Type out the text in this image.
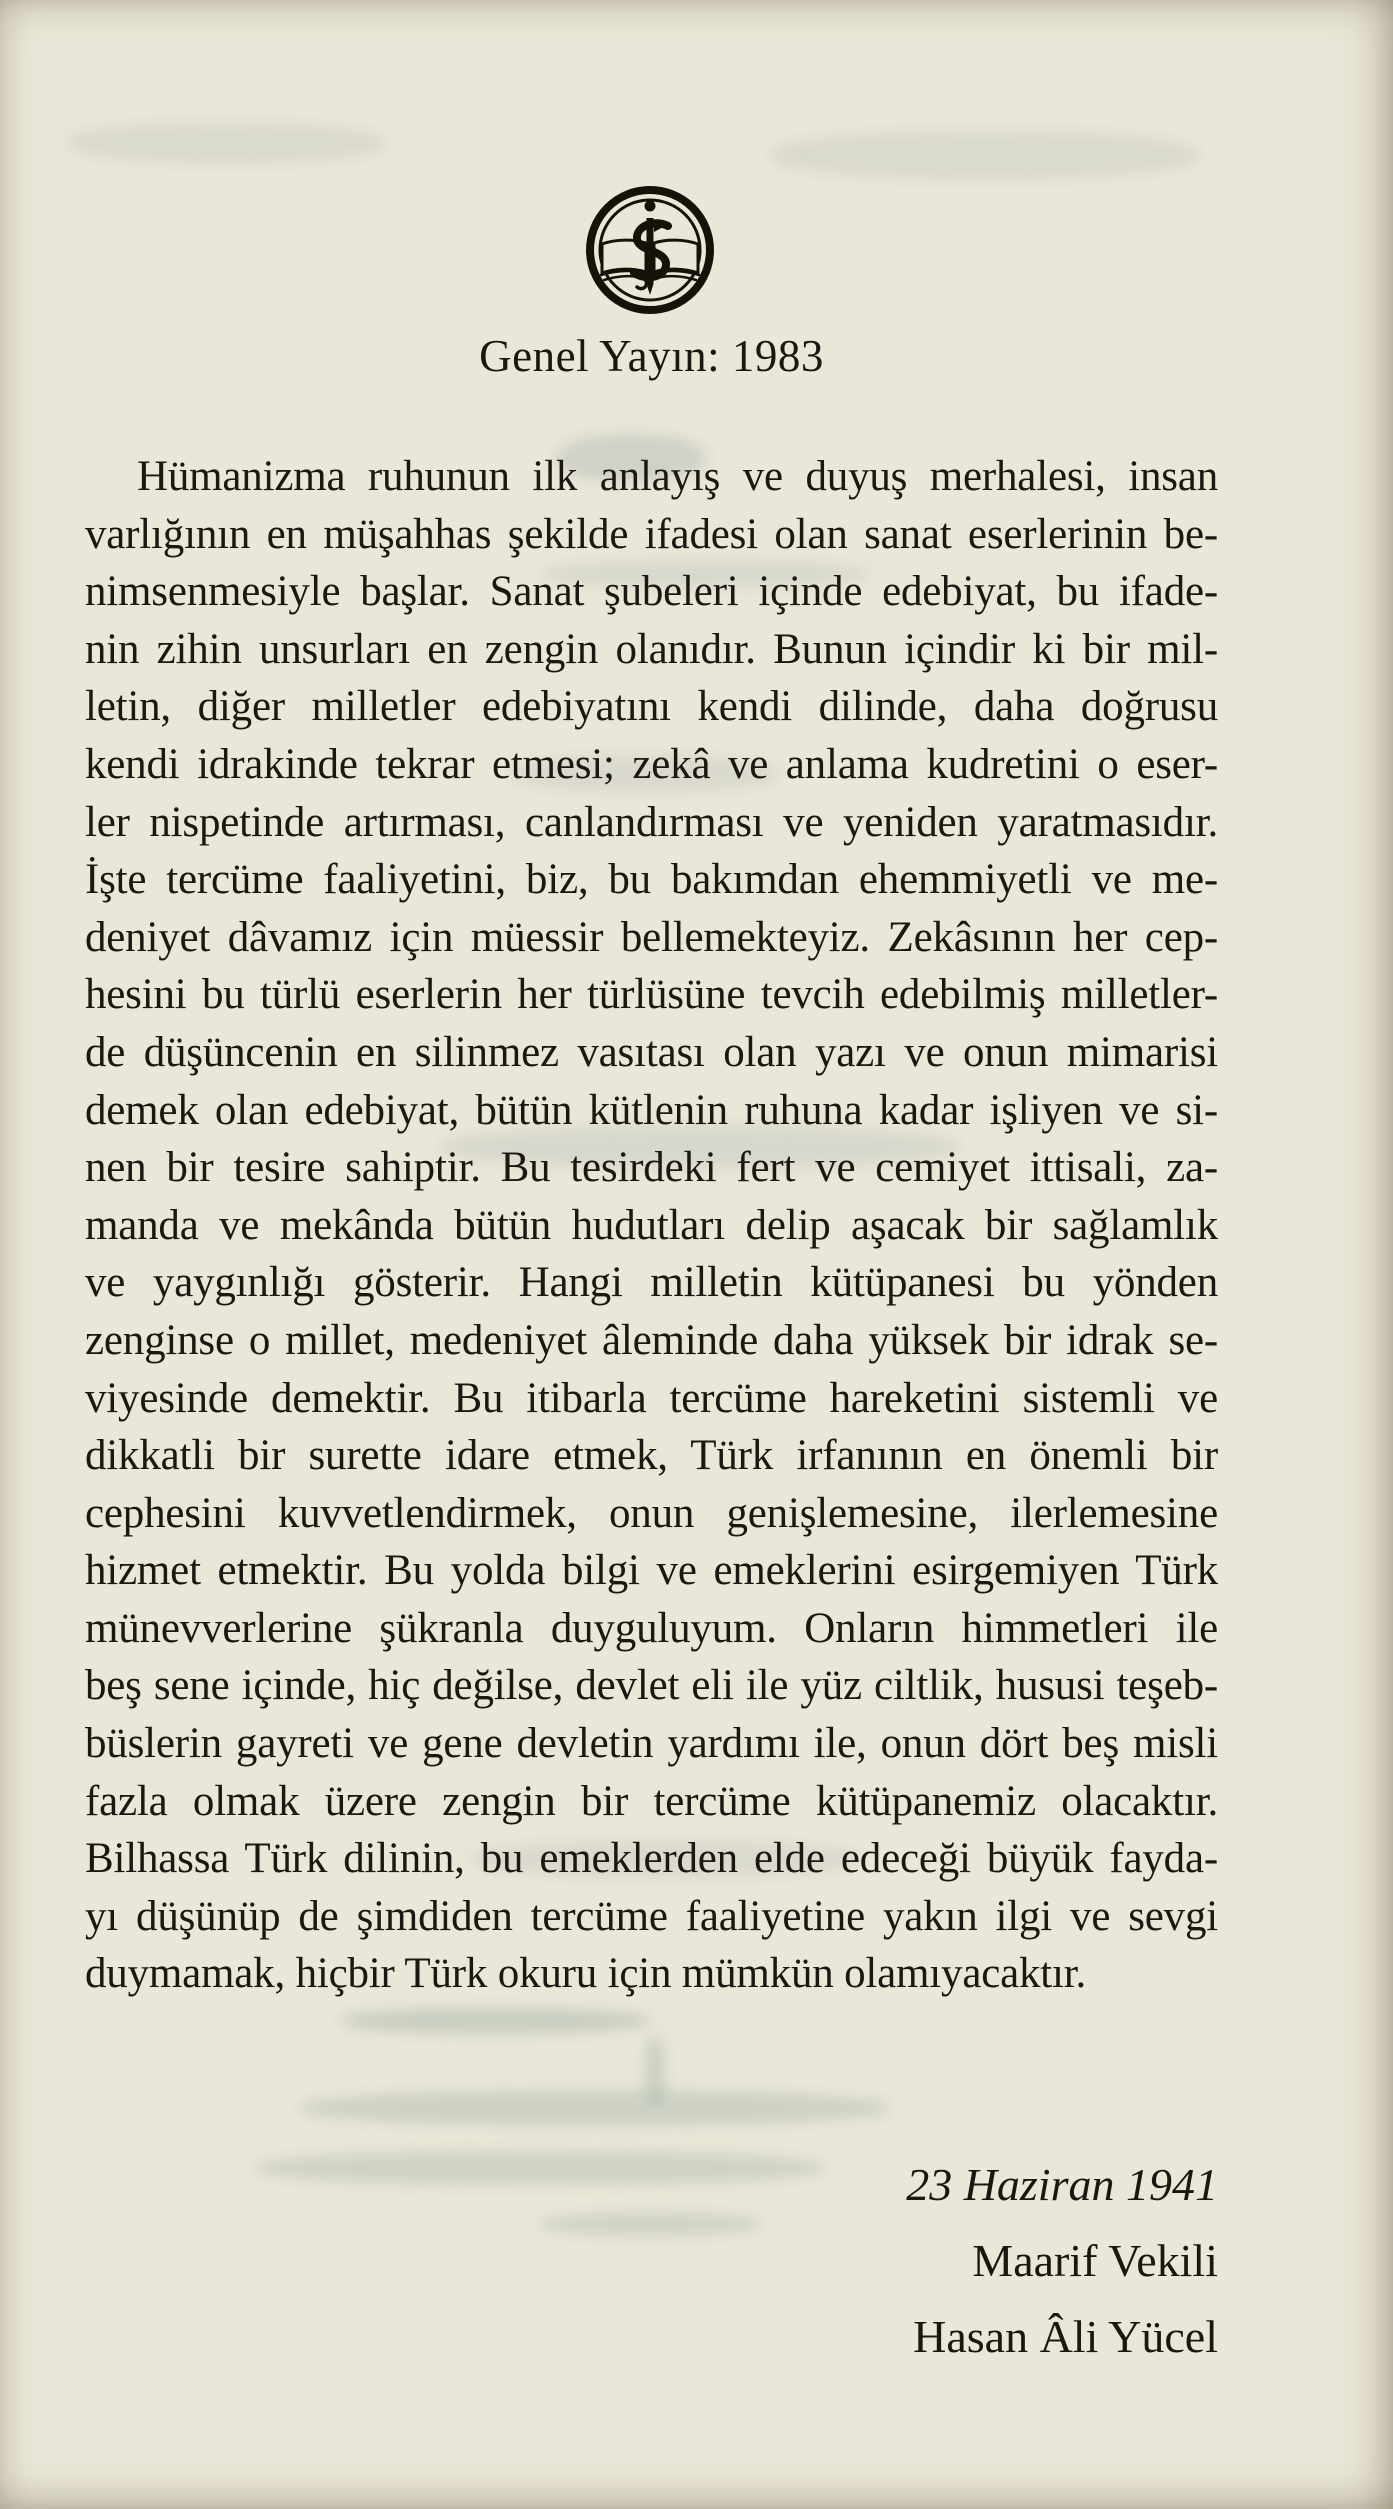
Genel Yayın: 1983
Hümanizma ruhunun ilk anlayış ve duyuş merhalesi, insan
varlığının en müşahhas şekilde ifadesi olan sanat eserlerinin be-
nimsenmesiyle başlar. Sanat şubeleri içinde edebiyat, bu ifade-
nin zihin unsurları en zengin olanıdır. Bunun içindir ki bir mil-
letin, diğer milletler edebiyatını kendi dilinde, daha doğrusu
kendi idrakinde tekrar etmesi; zekâ ve anlama kudretini o eser-
ler nispetinde artırması, canlandırması ve yeniden yaratmasıdır.
İşte tercüme faaliyetini, biz, bu bakımdan ehemmiyetli ve me-
deniyet dâvamız için müessir bellemekteyiz. Zekâsının her cep-
hesini bu türlü eserlerin her türlüsüne tevcih edebilmiş milletler-
de düşüncenin en silinmez vasıtası olan yazı ve onun mimarisi
demek olan edebiyat, bütün kütlenin ruhuna kadar işliyen ve si-
nen bir tesire sahiptir. Bu tesirdeki fert ve cemiyet ittisali, za-
manda ve mekânda bütün hudutları delip aşacak bir sağlamlık
ve yaygınlığı gösterir. Hangi milletin kütüpanesi bu yönden
zenginse o millet, medeniyet âleminde daha yüksek bir idrak se-
viyesinde demektir. Bu itibarla tercüme hareketini sistemli ve
dikkatli bir surette idare etmek, Türk irfanının en önemli bir
cephesini kuvvetlendirmek, onun genişlemesine, ilerlemesine
hizmet etmektir. Bu yolda bilgi ve emeklerini esirgemiyen Türk
münevverlerine şükranla duyguluyum. Onların himmetleri ile
beş sene içinde, hiç değilse, devlet eli ile yüz ciltlik, hususi teşeb-
büslerin gayreti ve gene devletin yardımı ile, onun dört beş misli
fazla olmak üzere zengin bir tercüme kütüpanemiz olacaktır.
Bilhassa Türk dilinin, bu emeklerden elde edeceği büyük fayda-
yı düşünüp de şimdiden tercüme faaliyetine yakın ilgi ve sevgi
duymamak, hiçbir Türk okuru için mümkün olamıyacaktır.
23 Haziran 1941
Maarif Vekili
Hasan Âli Yücel
